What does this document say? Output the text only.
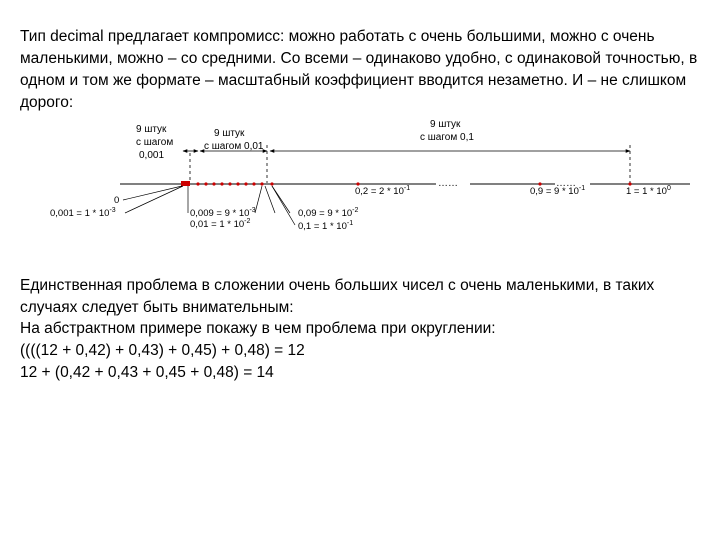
Тип decimal предлагает компромисс: можно работать с очень большими, можно с очень маленькими, можно – со средними. Со всеми – одинаково удобно, с одинаковой точностью, в одном и том же формате – масштабный коэффициент вводится незаметно. И – не слишком дорого:

……	……
9 штук
с шагом
0,001
9 штук
с шагом 0,01
9 штук
с шагом 0,1
0
$0,001 = 1 * 10^{-3}$	$0,009 = 9 * 10^{-3}$
$0,01 = 1 * 10^{-2}$
$0,09 = 9 * 10^{-2}$
$0,1 = 1 * 10^{-1}$
$0,2 = 2 * 10^{-1}$	$0,9 = 9 * 10^{-1}$	$1 = 1 * 10^0$

Единственная проблема в сложении очень больших чисел с очень маленькими, в таких случаях следует быть внимательным:

На абстрактном примере покажу в чем проблема при округлении:

((((12 + 0,42) + 0,43) + 0,45) + 0,48) = 12

12 + (0,42 + 0,43 + 0,45 + 0,48) = 14
